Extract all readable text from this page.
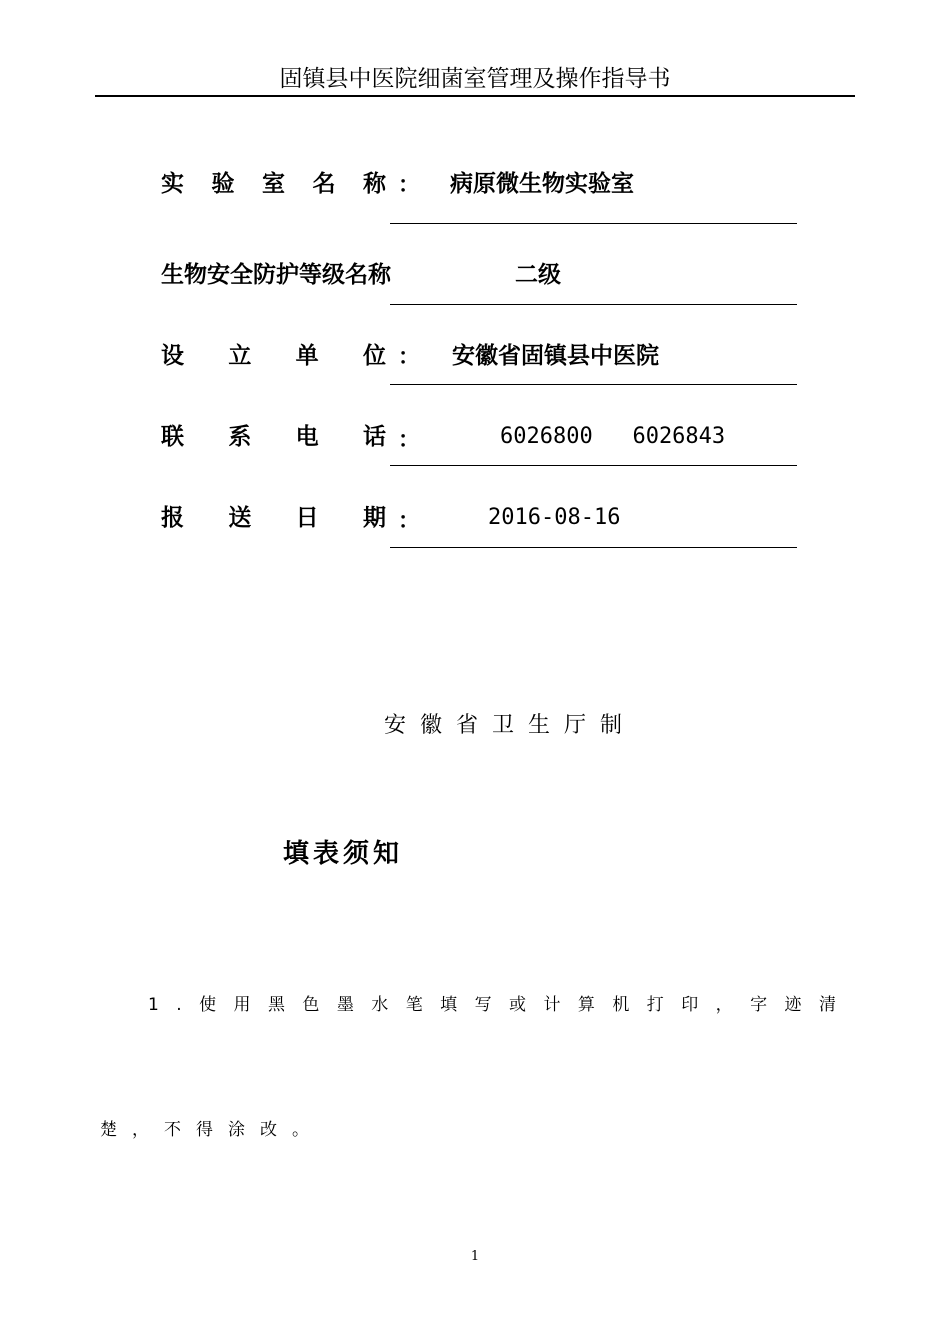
固镇县中医院细菌室管理及操作指导书
实 验 室 名 称 ： 病原微生物实验室
生物安全防护等级名称	二级
设 立 单 位 ： 安徽省固镇县中医院
联 系 电 话 ：	6026800   6026843
报 送 日 期 ：	2016-08-16
安徽省卫生厅制
填表须知
1 . 使 用 黑 色 墨 水 笔 填 写 或 计 算 机 打 印 ， 字 迹 清
楚，不得涂改。
1
